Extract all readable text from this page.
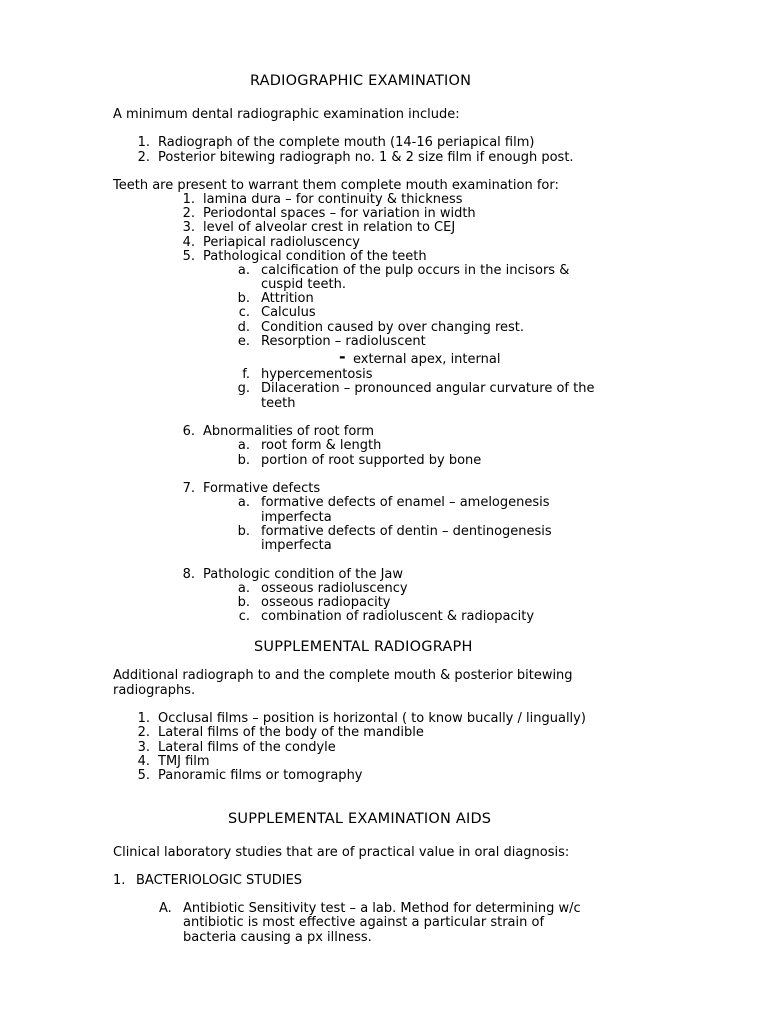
RADIOGRAPHIC EXAMINATION
A minimum dental radiographic examination include:
1. Radiograph of the complete mouth (14-16 periapical film)
2. Posterior bitewing radiograph no. 1 & 2 size film if enough post.
Teeth are present to warrant them complete mouth examination for:
1. lamina dura – for continuity & thickness
2. Periodontal spaces – for variation in width
3. level of alveolar crest in relation to CEJ
4. Periapical radioluscency
5. Pathological condition of the teeth
a. calcification of the pulp occurs in the incisors &
cuspid teeth.
b. Attrition
c. Calculus
d. Condition caused by over changing rest.
e. Resorption – radioluscent
- external apex, internal
f. hypercementosis
g. Dilaceration – pronounced angular curvature of the
teeth
6. Abnormalities of root form
a. root form & length
b. portion of root supported by bone
7. Formative defects
a. formative defects of enamel – amelogenesis
imperfecta
b. formative defects of dentin – dentinogenesis
imperfecta
8. Pathologic condition of the Jaw
a. osseous radioluscency
b. osseous radiopacity
c. combination of radioluscent & radiopacity
SUPPLEMENTAL RADIOGRAPH
Additional radiograph to and the complete mouth & posterior bitewing
radiographs.
1. Occlusal films – position is horizontal ( to know bucally / lingually)
2. Lateral films of the body of the mandible
3. Lateral films of the condyle
4. TMJ film
5. Panoramic films or tomography
SUPPLEMENTAL EXAMINATION AIDS
Clinical laboratory studies that are of practical value in oral diagnosis:
1. BACTERIOLOGIC STUDIES
A. Antibiotic Sensitivity test – a lab. Method for determining w/c
antibiotic is most effective against a particular strain of
bacteria causing a px illness.
